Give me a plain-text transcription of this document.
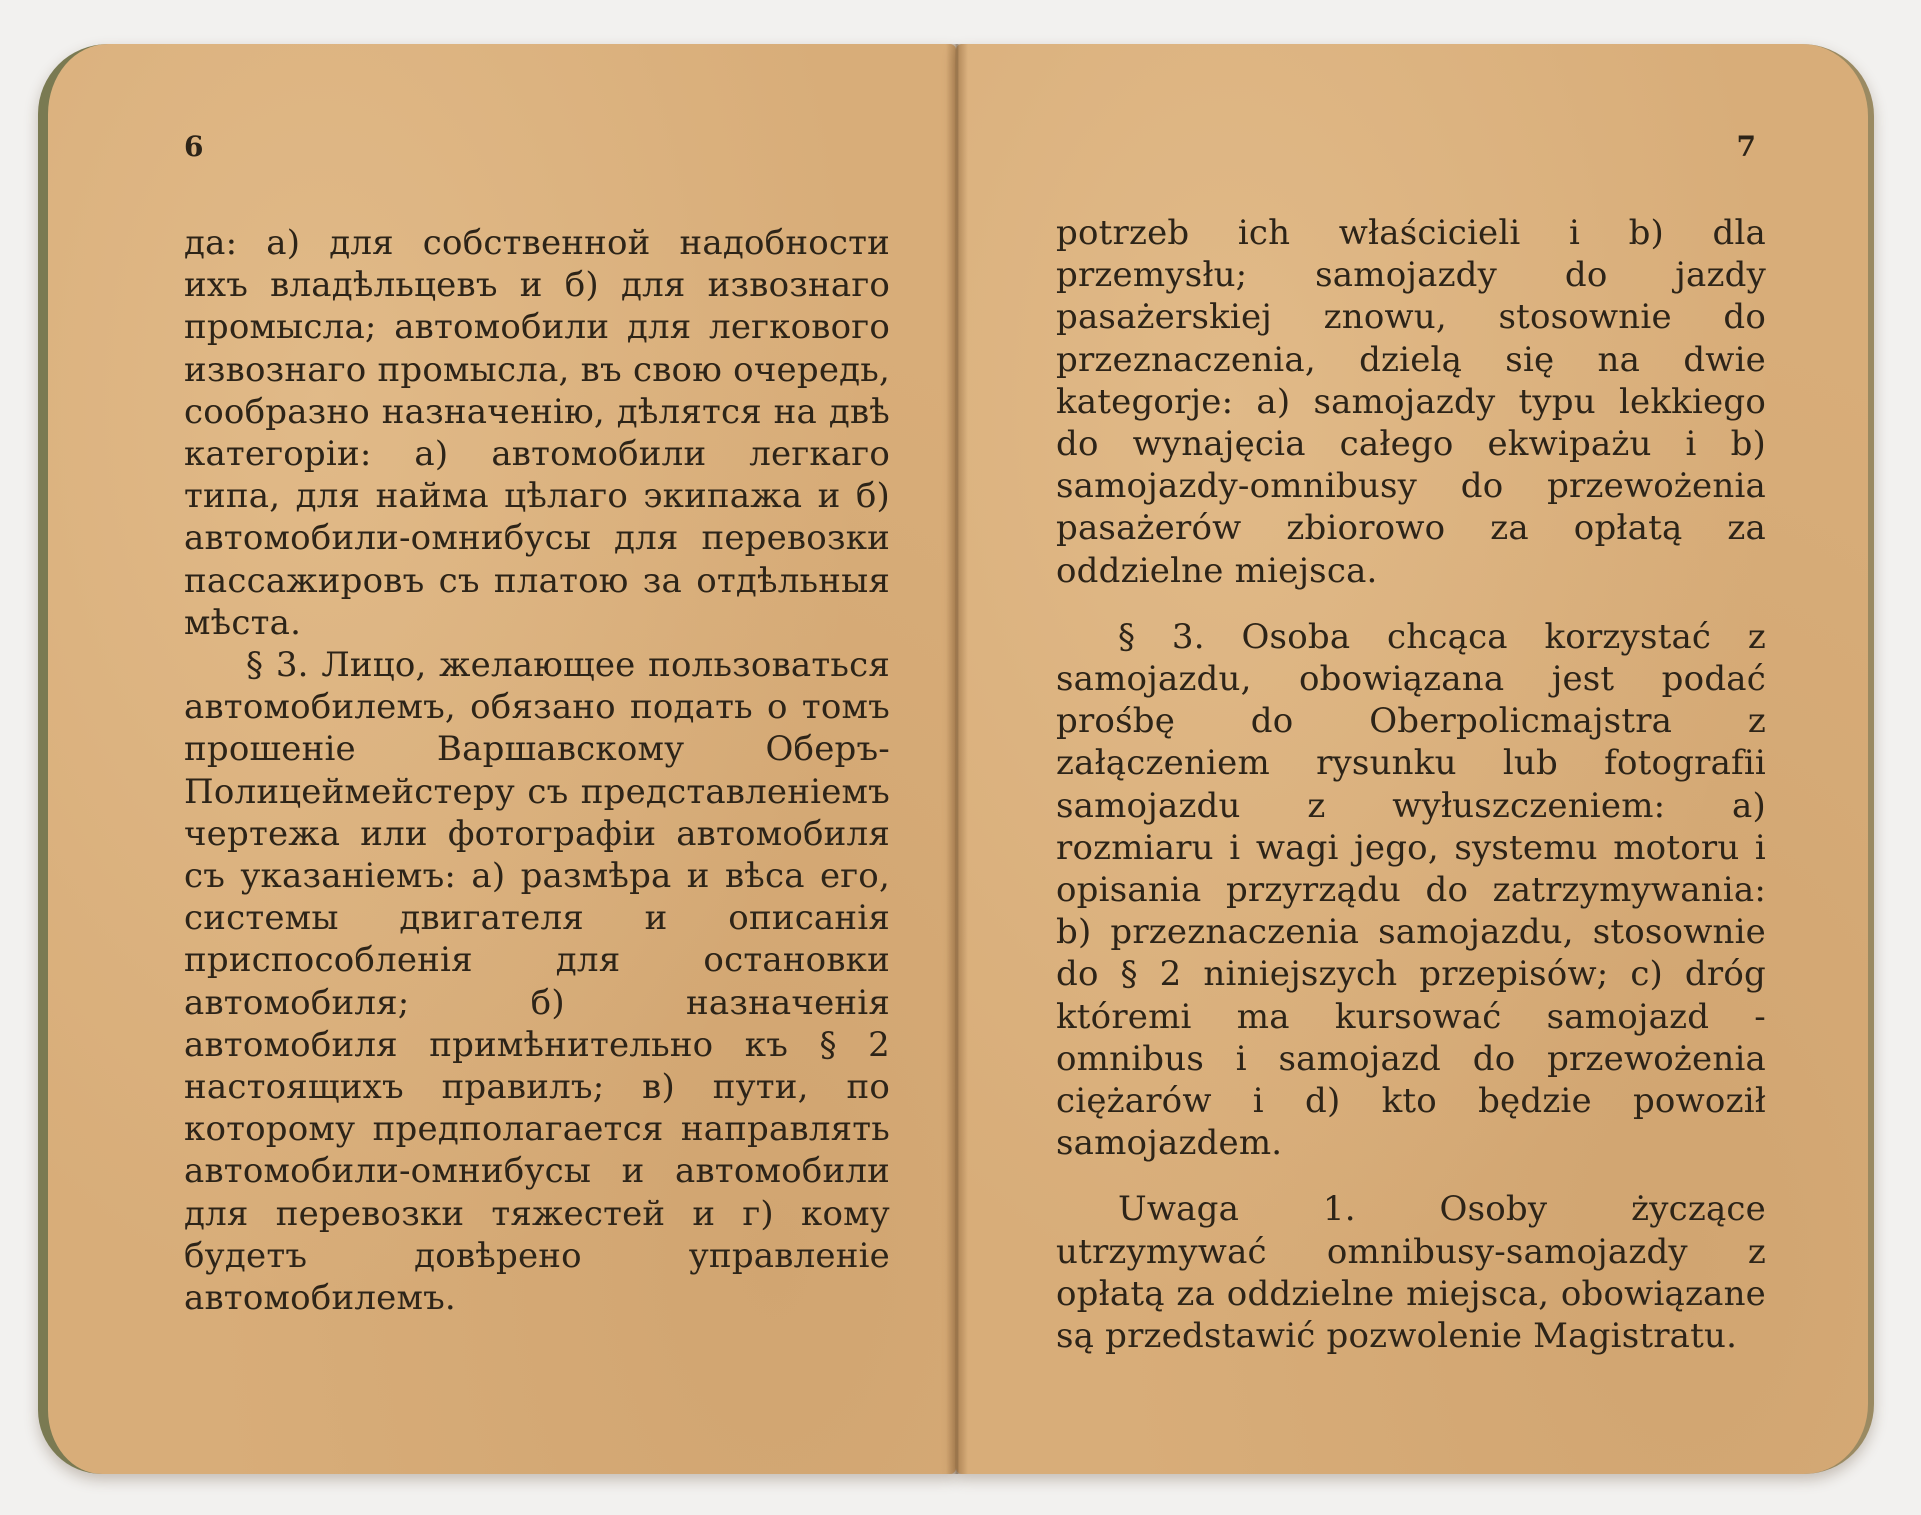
6

да: а) для собственной надобности ихъ владѣльцевъ и б) для извознаго промысла; автомобили для легкового извознаго промысла, въ свою очередь, сообразно назначенію, дѣлятся на двѣ категоріи: а) автомобили легкаго типа, для найма цѣлаго экипажа и б) автомобили-омнибусы для перевозки пассажировъ съ платою за отдѣльныя мѣста.

§ 3. Лицо, желающее пользоваться автомобилемъ, обязано подать о томъ прошеніе Варшавскому Оберъ-Полицеймейстеру съ представленіемъ чертежа или фотографіи автомобиля съ указаніемъ: а) размѣра и вѣса его, системы двигателя и описанія приспособленія для остановки автомобиля; б) назначенія автомобиля примѣнительно къ § 2 настоящихъ правилъ; в) пути, по которому предполагается направлять автомобили-омнибусы и автомобили для перевозки тяжестей и г) кому будетъ довѣрено управленіе автомобилемъ.

7

potrzeb ich właścicieli i b) dla przemysłu; samojazdy do jazdy pasażerskiej znowu, stosownie do przeznaczenia, dzielą się na dwie kategorje: a) samojazdy typu lekkiego do wynajęcia całego ekwipażu i b) samojazdy-omnibusy do przewożenia pasażerów zbiorowo za opłatą za oddzielne miejsca.

§ 3. Osoba chcąca korzystać z samojazdu, obowiązana jest podać prośbę do Oberpolicmajstra z załączeniem rysunku lub fotografii samojazdu z wyłuszczeniem: a) rozmiaru i wagi jego, systemu motoru i opisania przyrządu do zatrzymywania: b) przeznaczenia samojazdu, stosownie do § 2 niniejszych przepisów; c) dróg któremi ma kursować samojazd - omnibus i samojazd do przewożenia ciężarów i d) kto będzie powoził samojazdem.

Uwaga 1. Osoby życzące utrzymywać omnibusy-samojazdy z opłatą za oddzielne miejsca, obowiązane są przedstawić pozwolenie Magistratu.
